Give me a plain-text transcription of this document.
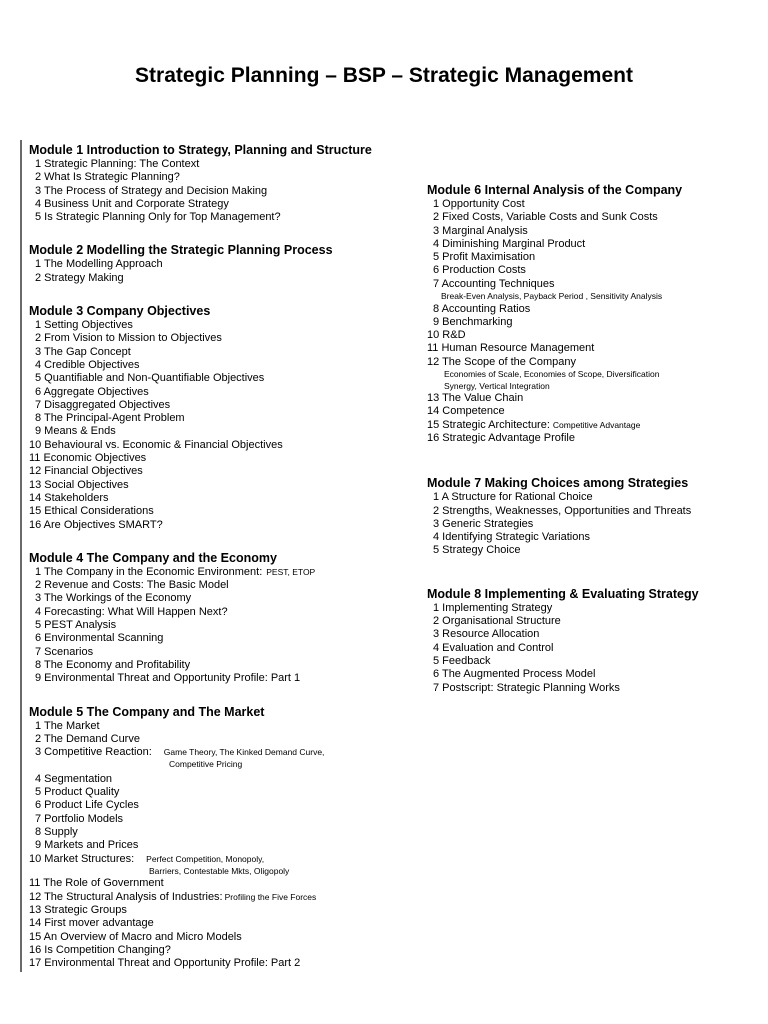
Strategic Planning – BSP – Strategic Management
Module 1 Introduction to Strategy, Planning and Structure
1 Strategic Planning: The Context
2 What Is Strategic Planning?
3 The Process of Strategy and Decision Making
4 Business Unit and Corporate Strategy
5 Is Strategic Planning Only for Top Management?
Module 2 Modelling the Strategic Planning Process
1 The Modelling Approach
2 Strategy Making
Module 3 Company Objectives
1 Setting Objectives
2 From Vision to Mission to Objectives
3 The Gap Concept
4 Credible Objectives
5 Quantifiable and Non-Quantifiable Objectives
6 Aggregate Objectives
7 Disaggregated Objectives
8 The Principal-Agent Problem
9 Means & Ends
10 Behavioural vs. Economic & Financial Objectives
11 Economic Objectives
12 Financial Objectives
13 Social Objectives
14 Stakeholders
15 Ethical Considerations
16 Are Objectives SMART?
Module 4 The Company and the Economy
1 The Company in the Economic Environment: PEST, ETOP
2 Revenue and Costs: The Basic Model
3 The Workings of the Economy
4 Forecasting: What Will Happen Next?
5 PEST Analysis
6 Environmental Scanning
7 Scenarios
8 The Economy and Profitability
9 Environmental Threat and Opportunity Profile: Part 1
Module 5 The Company and The Market
1 The Market
2 The Demand Curve
3 Competitive Reaction: Game Theory, The Kinked Demand Curve,
Competitive Pricing
4 Segmentation
5 Product Quality
6 Product Life Cycles
7 Portfolio Models
8 Supply
9 Markets and Prices
10 Market Structures: Perfect Competition, Monopoly,
Barriers, Contestable Mkts, Oligopoly
11 The Role of Government
12 The Structural Analysis of Industries: Profiling the Five Forces
13 Strategic Groups
14 First mover advantage
15 An Overview of Macro and Micro Models
16 Is Competition Changing?
17 Environmental Threat and Opportunity Profile: Part 2
Module 6 Internal Analysis of the Company
1 Opportunity Cost
2 Fixed Costs, Variable Costs and Sunk Costs
3 Marginal Analysis
4 Diminishing Marginal Product
5 Profit Maximisation
6 Production Costs
7 Accounting Techniques
Break-Even Analysis, Payback Period , Sensitivity Analysis
8 Accounting Ratios
9 Benchmarking
10 R&D
11 Human Resource Management
12 The Scope of the Company
Economies of Scale, Economies of Scope, Diversification
Synergy, Vertical Integration
13 The Value Chain
14 Competence
15 Strategic Architecture: Competitive Advantage
16 Strategic Advantage Profile
Module 7 Making Choices among Strategies
1 A Structure for Rational Choice
2 Strengths, Weaknesses, Opportunities and Threats
3 Generic Strategies
4 Identifying Strategic Variations
5 Strategy Choice
Module 8 Implementing & Evaluating Strategy
1 Implementing Strategy
2 Organisational Structure
3 Resource Allocation
4 Evaluation and Control
5 Feedback
6 The Augmented Process Model
7 Postscript: Strategic Planning Works
